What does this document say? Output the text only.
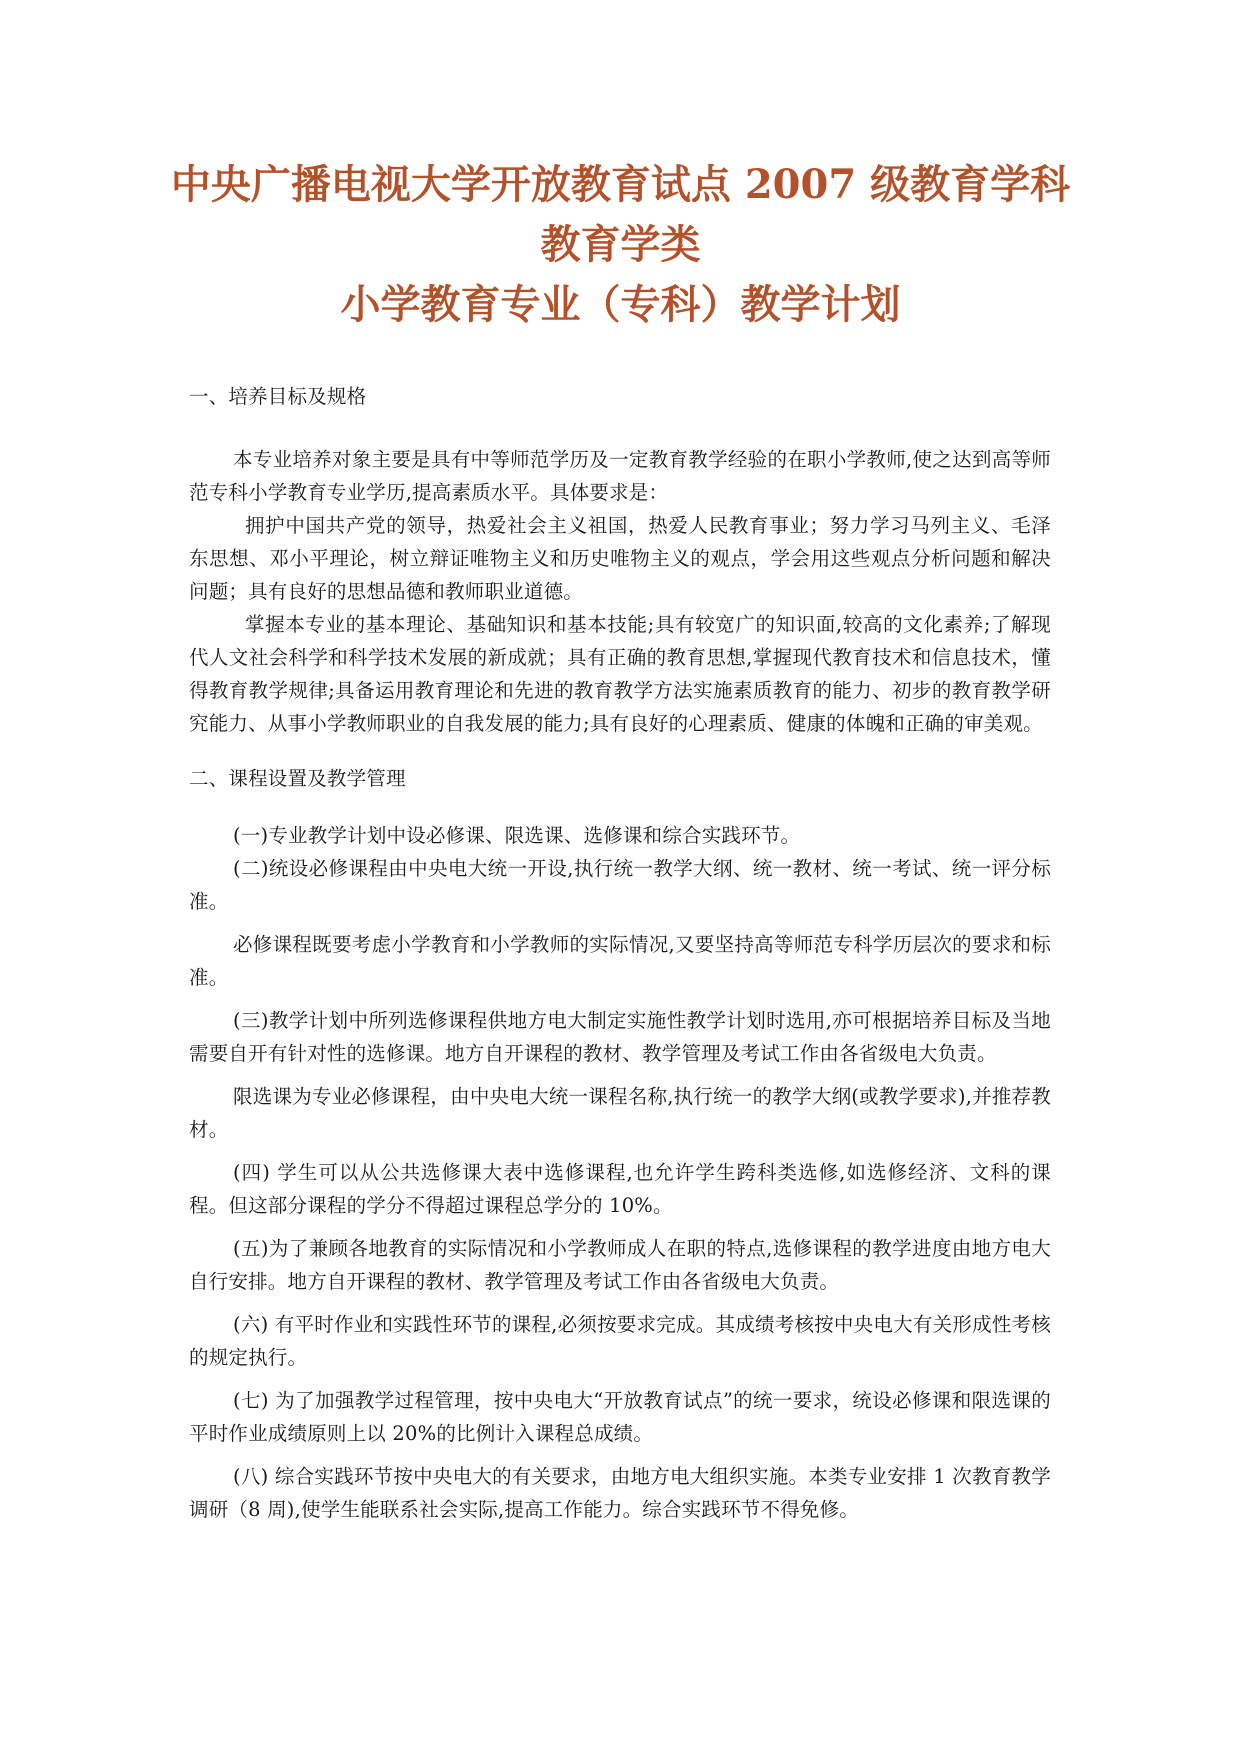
中央广播电视大学开放教育试点 2007 级教育学科
教育学类
小学教育专业（专科）教学计划

一、培养目标及规格

本专业培养对象主要是具有中等师范学历及一定教育教学经验的在职小学教师,使之达到高等师范专科小学教育专业学历,提高素质水平。具体要求是：

拥护中国共产党的领导，热爱社会主义祖国，热爱人民教育事业；努力学习马列主义、毛泽东思想、邓小平理论，树立辩证唯物主义和历史唯物主义的观点，学会用这些观点分析问题和解决问题；具有良好的思想品德和教师职业道德。

掌握本专业的基本理论、基础知识和基本技能;具有较宽广的知识面,较高的文化素养;了解现代人文社会科学和科学技术发展的新成就；具有正确的教育思想,掌握现代教育技术和信息技术，懂得教育教学规律;具备运用教育理论和先进的教育教学方法实施素质教育的能力、初步的教育教学研究能力、从事小学教师职业的自我发展的能力;具有良好的心理素质、健康的体魄和正确的审美观。

二、课程设置及教学管理

(一)专业教学计划中设必修课、限选课、选修课和综合实践环节。

(二)统设必修课程由中央电大统一开设,执行统一教学大纲、统一教材、统一考试、统一评分标准。

必修课程既要考虑小学教育和小学教师的实际情况,又要坚持高等师范专科学历层次的要求和标准。

(三)教学计划中所列选修课程供地方电大制定实施性教学计划时选用,亦可根据培养目标及当地需要自开有针对性的选修课。地方自开课程的教材、教学管理及考试工作由各省级电大负责。

限选课为专业必修课程，由中央电大统一课程名称,执行统一的教学大纲(或教学要求),并推荐教材。

(四) 学生可以从公共选修课大表中选修课程,也允许学生跨科类选修,如选修经济、文科的课程。但这部分课程的学分不得超过课程总学分的 10%。

(五)为了兼顾各地教育的实际情况和小学教师成人在职的特点,选修课程的教学进度由地方电大自行安排。地方自开课程的教材、教学管理及考试工作由各省级电大负责。

(六) 有平时作业和实践性环节的课程,必须按要求完成。其成绩考核按中央电大有关形成性考核的规定执行。

(七) 为了加强教学过程管理，按中央电大“开放教育试点”的统一要求，统设必修课和限选课的平时作业成绩原则上以 20%的比例计入课程总成绩。

(八) 综合实践环节按中央电大的有关要求，由地方电大组织实施。本类专业安排 1 次教育教学调研（8 周),使学生能联系社会实际,提高工作能力。综合实践环节不得免修。
